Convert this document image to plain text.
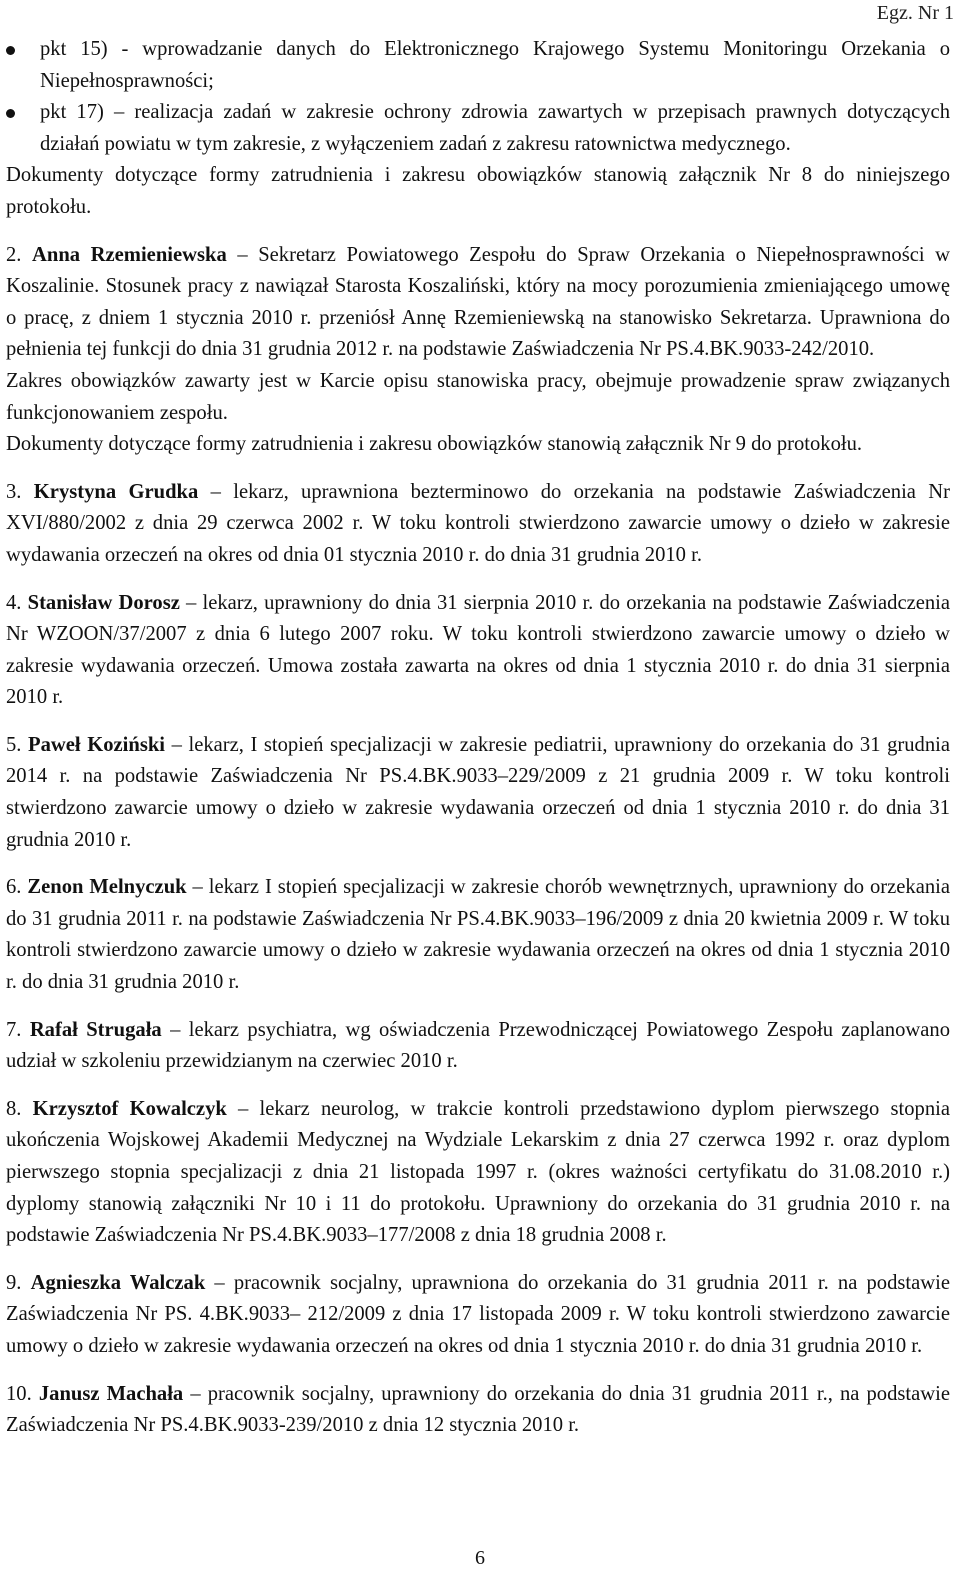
Egz. Nr 1
pkt 15) - wprowadzanie danych do Elektronicznego Krajowego Systemu Monitoringu Orzekania o Niepełnosprawności;
pkt 17) – realizacja zadań w zakresie ochrony zdrowia zawartych w przepisach prawnych dotyczących działań powiatu w tym zakresie, z wyłączeniem zadań z zakresu ratownictwa medycznego.

Dokumenty dotyczące formy zatrudnienia i zakresu obowiązków stanowią załącznik Nr 8 do niniejszego protokołu.

2. Anna Rzemieniewska – Sekretarz Powiatowego Zespołu do Spraw Orzekania o Niepełnosprawności w Koszalinie. Stosunek pracy z nawiązał Starosta Koszaliński, który na mocy porozumienia zmieniającego umowę o pracę, z dniem 1 stycznia 2010 r. przeniósł Annę Rzemieniewską na stanowisko Sekretarza. Uprawniona do pełnienia tej funkcji do dnia 31 grudnia 2012 r. na podstawie Zaświadczenia Nr PS.4.BK.9033-242/2010.

Zakres obowiązków zawarty jest w Karcie opisu stanowiska pracy, obejmuje prowadzenie spraw związanych funkcjonowaniem zespołu.

Dokumenty dotyczące formy zatrudnienia i zakresu obowiązków stanowią załącznik Nr 9 do protokołu.

3. Krystyna Grudka – lekarz, uprawniona bezterminowo do orzekania na podstawie Zaświadczenia Nr XVI/880/2002 z dnia 29 czerwca 2002 r. W toku kontroli stwierdzono zawarcie umowy o dzieło w zakresie wydawania orzeczeń na okres od dnia 01 stycznia 2010 r. do dnia 31 grudnia 2010 r.

4. Stanisław Dorosz – lekarz, uprawniony do dnia 31 sierpnia 2010 r. do orzekania na podstawie Zaświadczenia Nr WZOON/37/2007 z dnia 6 lutego 2007 roku. W toku kontroli stwierdzono zawarcie umowy o dzieło w zakresie wydawania orzeczeń. Umowa została zawarta na okres od dnia 1 stycznia 2010 r. do dnia 31 sierpnia 2010 r.

5. Paweł Koziński – lekarz, I stopień specjalizacji w zakresie pediatrii, uprawniony do orzekania do 31 grudnia 2014 r. na podstawie Zaświadczenia Nr PS.4.BK.9033–229/2009 z 21 grudnia 2009 r. W toku kontroli stwierdzono zawarcie umowy o dzieło w zakresie wydawania orzeczeń od dnia 1 stycznia 2010 r. do dnia 31 grudnia 2010 r.

6. Zenon Melnyczuk – lekarz I stopień specjalizacji w zakresie chorób wewnętrznych, uprawniony do orzekania do 31 grudnia 2011 r. na podstawie Zaświadczenia Nr PS.4.BK.9033–196/2009 z dnia 20 kwietnia 2009 r. W toku kontroli stwierdzono zawarcie umowy o dzieło w zakresie wydawania orzeczeń na okres od dnia 1 stycznia 2010 r. do dnia 31 grudnia 2010 r.

7. Rafał Strugała – lekarz psychiatra, wg oświadczenia Przewodniczącej Powiatowego Zespołu zaplanowano udział w szkoleniu przewidzianym na czerwiec 2010 r.

8. Krzysztof Kowalczyk – lekarz neurolog, w trakcie kontroli przedstawiono dyplom pierwszego stopnia ukończenia Wojskowej Akademii Medycznej na Wydziale Lekarskim z dnia 27 czerwca 1992 r. oraz dyplom pierwszego stopnia specjalizacji z dnia 21 listopada 1997 r. (okres ważności certyfikatu do 31.08.2010 r.) dyplomy stanowią załączniki Nr 10 i 11 do protokołu. Uprawniony do orzekania do 31 grudnia 2010 r. na podstawie Zaświadczenia Nr PS.4.BK.9033–177/2008 z dnia 18 grudnia 2008 r.

9. Agnieszka Walczak – pracownik socjalny, uprawniona do orzekania do 31 grudnia 2011 r. na podstawie Zaświadczenia Nr PS. 4.BK.9033– 212/2009 z dnia 17 listopada 2009 r. W toku kontroli stwierdzono zawarcie umowy o dzieło w zakresie wydawania orzeczeń na okres od dnia 1 stycznia 2010 r. do dnia 31 grudnia 2010 r.

10. Janusz Machała – pracownik socjalny, uprawniony do orzekania do dnia 31 grudnia 2011 r., na podstawie Zaświadczenia Nr PS.4.BK.9033-239/2010 z dnia 12 stycznia 2010 r.

6
